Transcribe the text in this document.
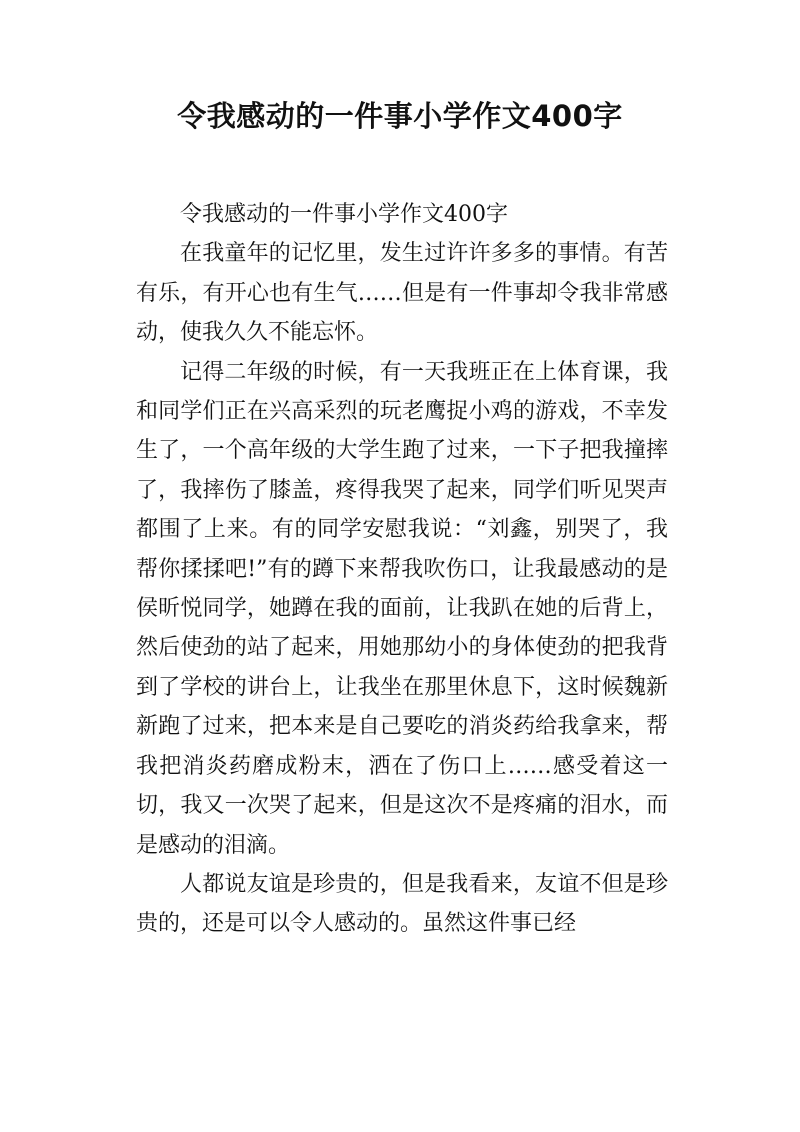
令我感动的一件事小学作文400字

令我感动的一件事小学作文400字

在我童年的记忆里，发生过许许多多的事情。有苦有乐，有开心也有生气……但是有一件事却令我非常感动，使我久久不能忘怀。

记得二年级的时候，有一天我班正在上体育课，我和同学们正在兴高采烈的玩老鹰捉小鸡的游戏，不幸发生了，一个高年级的大学生跑了过来，一下子把我撞摔了，我摔伤了膝盖，疼得我哭了起来，同学们听见哭声都围了上来。有的同学安慰我说：“刘鑫，别哭了，我帮你揉揉吧!”有的蹲下来帮我吹伤口，让我最感动的是侯昕悦同学，她蹲在我的面前，让我趴在她的后背上，然后使劲的站了起来，用她那幼小的身体使劲的把我背到了学校的讲台上，让我坐在那里休息下，这时候魏新新跑了过来，把本来是自己要吃的消炎药给我拿来，帮我把消炎药磨成粉末，洒在了伤口上……感受着这一切，我又一次哭了起来，但是这次不是疼痛的泪水，而是感动的泪滴。

人都说友谊是珍贵的，但是我看来，友谊不但是珍贵的，还是可以令人感动的。虽然这件事已经
